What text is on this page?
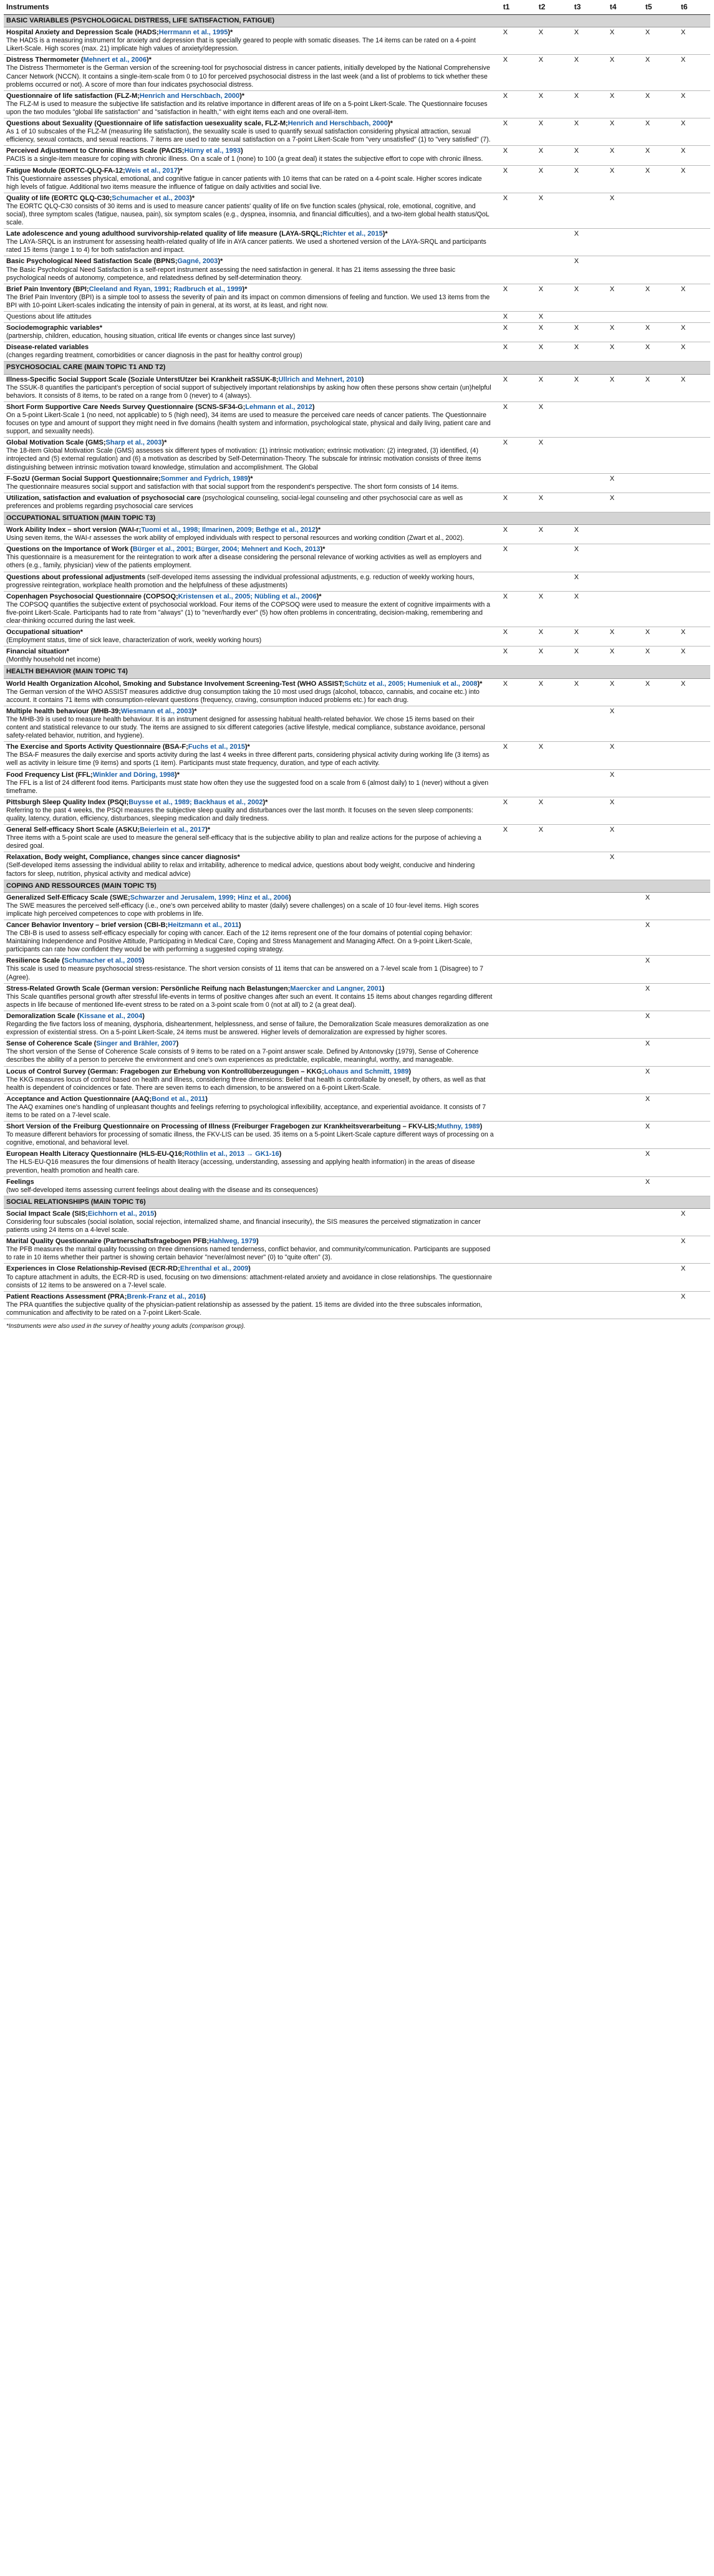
Instruments	t1	t2	t3	t4	t5	t6
BASIC VARIABLES (PSYCHOLOGICAL DISTRESS, LIFE SATISFACTION, FATIGUE)						
Hospital Anxiety and Depression Scale (HADS;Herrmann et al., 1995)*
The HADS is a measuring instrument for anxiety and depression that is specially geared to people with somatic diseases. The 14 items can be rated on a 4-point Likert-Scale. High scores (max. 21) implicate high values of anxiety/depression.	X	X	X	X	X	X
Distress Thermometer (Mehnert et al., 2006)*
The Distress Thermometer is the German version of the screening-tool for psychosocial distress in cancer patients, initially developed by the National Comprehensive Cancer Network (NCCN). It contains a single-item-scale from 0 to 10 for perceived psychosocial distress in the last week (and a list of problems to tick whether these problems occurred or not). A score of more than four indicates psychosocial distress.	X	X	X	X	X	X
Questionnaire of life satisfaction (FLZ-M;Henrich and Herschbach, 2000)*
The FLZ-M is used to measure the subjective life satisfaction and its relative importance in different areas of life on a 5-point Likert-Scale. The Questionnaire focuses upon the two modules "global life satisfaction" and "satisfaction in health," with eight items each and one overall-item.	X	X	X	X	X	X
Questions about Sexuality (Questionnaire of life satisfaction uesexuality scale, FLZ-M;Henrich and Herschbach, 2000)*
As 1 of 10 subscales of the FLZ-M (measuring life satisfaction), the sexuality scale is used to quantify sexual satisfaction considering physical attraction, sexual efficiency, sexual contacts, and sexual reactions. 7 items are used to rate sexual satisfaction on a 7-point Likert-Scale from "very unsatisfied" (1) to "very satisfied" (7).	X	X	X	X	X	X
Perceived Adjustment to Chronic Illness Scale (PACIS;Hürny et al., 1993)
PACIS is a single-item measure for coping with chronic illness. On a scale of 1 (none) to 100 (a great deal) it states the subjective effort to cope with chronic illness.	X	X	X	X	X	X
Fatigue Module (EORTC-QLQ-FA-12;Weis et al., 2017)*
This Questionnaire assesses physical, emotional, and cognitive fatigue in cancer patients with 10 items that can be rated on a 4-point scale. Higher scores indicate high levels of fatigue. Additional two items measure the influence of fatigue on daily activities and social live.	X	X	X	X	X	X
Quality of life (EORTC QLQ-C30;Schumacher et al., 2003)*
The EORTC QLQ-C30 consists of 30 items and is used to measure cancer patients' quality of life on five function scales (physical, role, emotional, cognitive, and social), three symptom scales (fatigue, nausea, pain), six symptom scales (e.g., dyspnea, insomnia, and financial difficulties), and a two-item global health status/QoL scale.	X	X		X		
Late adolescence and young adulthood survivorship-related quality of life measure (LAYA-SRQL;Richter et al., 2015)*
The LAYA-SRQL is an instrument for assessing health-related quality of life in AYA cancer patients. We used a shortened version of the LAYA-SRQL and participants rated 15 items (range 1 to 4) for both satisfaction and impact.			X			
Basic Psychological Need Satisfaction Scale (BPNS;Gagné, 2003)*
The Basic Psychological Need Satisfaction is a self-report instrument assessing the need satisfaction in general. It has 21 items assessing the three basic psychological needs of autonomy, competence, and relatedness defined by self-determination theory.			X			
Brief Pain Inventory (BPI;Cleeland and Ryan, 1991; Radbruch et al., 1999)*
The Brief Pain Inventory (BPI) is a simple tool to assess the severity of pain and its impact on common dimensions of feeling and function. We used 13 items from the BPI with 10-point Likert-scales indicating the intensity of pain in general, at its worst, at its least, and right now.	X	X	X	X	X	X
Questions about life attitudes	X	X				
Sociodemographic variables*
(partnership, children, education, housing situation, critical life events or changes since last survey)	X	X	X	X	X	X
Disease-related variables
(changes regarding treatment, comorbidities or cancer diagnosis in the past for healthy control group)	X	X	X	X	X	X
PSYCHOSOCIAL CARE (MAIN TOPIC T1 AND T2)						
Illness-Specific Social Support Scale (Soziale UnterstUtzer bei Krankheit raSSUK-8;Ullrich and Mehnert, 2010)
The SSUK-8 quantifies the participant's perception of social support of subjectively important relationships by asking how often these persons show certain (un)helpful behaviors. It consists of 8 items, to be rated on a range from 0 (never) to 4 (always).	X	X	X	X	X	X
Short Form Supportive Care Needs Survey Questionnaire (SCNS-SF34-G;Lehmann et al., 2012)
On a 5-point Likert-Scale 1 (no need, not applicable) to 5 (high need), 34 items are used to measure the perceived care needs of cancer patients. The Questionnaire focuses on type and amount of support they might need in five domains (health system and information, psychological state, physical and daily living, patient care and support, and sexuality needs).	X	X				
Global Motivation Scale (GMS;Sharp et al., 2003)*
The 18-item Global Motivation Scale (GMS) assesses six different types of motivation: (1) intrinsic motivation; extrinsic motivation: (2) integrated, (3) identified, (4) introjected and (5) external regulation) and (6) a motivation as described by Self-Determination-Theory. The subscale for intrinsic motivation consists of three items distinguishing between intrinsic motivation toward knowledge, stimulation and accomplishment. The Global	X	X				
F-SozU (German Social Support Questionnaire;Sommer and Fydrich, 1989)*
The questionnaire measures social support and satisfaction with that social support from the respondent's perspective. The short form consists of 14 items.				X		
Utilization, satisfaction and evaluation of psychosocial care (psychological counseling, social-legal counseling and other psychosocial care as well as preferences and problems regarding psychosocial care services	X	X		X		
OCCUPATIONAL SITUATION (MAIN TOPIC T3)						
Work Ability Index – short version (WAI-r;Tuomi et al., 1998; Ilmarinen, 2009; Bethge et al., 2012)*
Using seven items, the WAI-r assesses the work ability of employed individuals with respect to personal resources and working condition (Zwart et al., 2002).	X	X	X			
Questions on the Importance of Work (Bürger et al., 2001; Bürger, 2004; Mehnert and Koch, 2013)*
This questionnaire is a measurement for the reintegration to work after a disease considering the personal relevance of working activities as well as employers and others (e.g., family, physician) view of the patients employment.	X		X			
Questions about professional adjustments (self-developed items assessing the individual professional adjustments, e.g. reduction of weekly working hours, progressive reintegration, workplace health promotion and the helpfulness of these adjustments)			X			
Copenhagen Psychosocial Questionnaire (COPSOQ;Kristensen et al., 2005; Nübling et al., 2006)*
The COPSOQ quantifies the subjective extent of psychosocial workload. Four items of the COPSOQ were used to measure the extent of cognitive impairments with a five-point Likert-Scale. Participants had to rate from "always" (1) to "never/hardly ever" (5) how often problems in concentrating, decision-making, remembering and clear-thinking occurred during the last week.	X	X	X			
Occupational situation*
(Employment status, time of sick leave, characterization of work, weekly working hours)	X	X	X	X	X	X
Financial situation*
(Monthly household net income)	X	X	X	X	X	X
HEALTH BEHAVIOR (MAIN TOPIC T4)						
World Health Organization Alcohol, Smoking and Substance Involvement Screening-Test (WHO ASSIST;Schütz et al., 2005; Humeniuk et al., 2008)*
The German version of the WHO ASSIST measures addictive drug consumption taking the 10 most used drugs (alcohol, tobacco, cannabis, and cocaine etc.) into account. It contains 71 items with consumption-relevant questions (frequency, craving, consumption induced problems etc.) for each drug.	X	X	X	X	X	X
Multiple health behaviour (MHB-39;Wiesmann et al., 2003)*
The MHB-39 is used to measure health behaviour. It is an instrument designed for assessing habitual health-related behavior. We chose 15 items based on their content and statistical relevance to our study. The items are assigned to six different categories (active lifestyle, medical compliance, substance avoidance, personal safety-related behavior, nutrition, and hygiene).				X		
The Exercise and Sports Activity Questionnaire (BSA-F;Fuchs et al., 2015)*
The BSA-F measures the daily exercise and sports activity during the last 4 weeks in three different parts, considering physical activity during working life (3 items) as well as activity in leisure time (9 items) and sports (1 item). Participants must state frequency, duration, and type of each activity.	X	X		X		
Food Frequency List (FFL;Winkler and Döring, 1998)*
The FFL is a list of 24 different food items. Participants must state how often they use the suggested food on a scale from 6 (almost daily) to 1 (never) without a given timeframe.				X		
Pittsburgh Sleep Quality Index (PSQI;Buysse et al., 1989; Backhaus et al., 2002)*
Referring to the past 4 weeks, the PSQI measures the subjective sleep quality and disturbances over the last month. It focuses on the seven sleep components: quality, latency, duration, efficiency, disturbances, sleeping medication and daily tiredness.	X	X		X		
General Self-efficacy Short Scale (ASKU;Beierlein et al., 2017)*
Three items with a 5-point scale are used to measure the general self-efficacy that is the subjective ability to plan and realize actions for the purpose of achieving a desired goal.	X	X		X		
Relaxation, Body weight, Compliance, changes since cancer diagnosis*
(Self-developed items assessing the individual ability to relax and irritability, adherence to medical advice, questions about body weight, conducive and hindering factors for sleep, nutrition, physical activity and medical advice)				X		
COPING AND RESSOURCES (MAIN TOPIC T5)						
Generalized Self-Efficacy Scale (SWE;Schwarzer and Jerusalem, 1999; Hinz et al., 2006)
The SWE measures the perceived self-efficacy (i.e., one's own perceived ability to master (daily) severe challenges) on a scale of 10 four-level items. High scores implicate high perceived competences to cope with problems in life.					X	
Cancer Behavior Inventory – brief version (CBI-B;Heitzmann et al., 2011)
The CBI-B is used to assess self-efficacy especially for coping with cancer. Each of the 12 items represent one of the four domains of potential coping behavior: Maintaining Independence and Positive Attitude, Participating in Medical Care, Coping and Stress Management and Managing Affect. On a 9-point Likert-Scale, participants can rate how confident they would be with performing a suggested coping strategy.					X	
Resilience Scale (Schumacher et al., 2005)
This scale is used to measure psychosocial stress-resistance. The short version consists of 11 items that can be answered on a 7-level scale from 1 (Disagree) to 7 (Agree).					X	
Stress-Related Growth Scale (German version: Persönliche Reifung nach Belastungen;Maercker and Langner, 2001)
This Scale quantifies personal growth after stressful life-events in terms of positive changes after such an event. It contains 15 items about changes regarding different aspects in life because of mentioned life-event stress to be rated on a 3-point scale from 0 (not at all) to 2 (a great deal).					X	
Demoralization Scale (Kissane et al., 2004)
Regarding the five factors loss of meaning, dysphoria, disheartenment, helplessness, and sense of failure, the Demoralization Scale measures demoralization as one expression of existential stress. On a 5-point Likert-Scale, 24 items must be answered. Higher levels of demoralization are expressed by higher scores.					X	
Sense of Coherence Scale (Singer and Brähler, 2007)
The short version of the Sense of Coherence Scale consists of 9 items to be rated on a 7-point answer scale. Defined by Antonovsky (1979), Sense of Coherence describes the ability of a person to perceive the environment and one's own experiences as predictable, explicable, meaningful, worthy, and manageable.					X	
Locus of Control Survey (German: Fragebogen zur Erhebung von Kontrollüberzeugungen – KKG;Lohaus and Schmitt, 1989)
The KKG measures locus of control based on health and illness, considering three dimensions: Belief that health is controllable by oneself, by others, as well as that health is dependent of coincidences or fate. There are seven items to each dimension, to be answered on a 6-point Likert-Scale.					X	
Acceptance and Action Questionnaire (AAQ;Bond et al., 2011)
The AAQ examines one's handling of unpleasant thoughts and feelings referring to psychological inflexibility, acceptance, and experiential avoidance. It consists of 7 items to be rated on a 7-level scale.					X	
Short Version of the Freiburg Questionnaire on Processing of Illness (Freiburger Fragebogen zur Krankheitsverarbeitung – FKV-LIS;Muthny, 1989)
To measure different behaviors for processing of somatic illness, the FKV-LIS can be used. 35 items on a 5-point Likert-Scale capture different ways of processing on a cognitive, emotional, and behavioral level.					X	
European Health Literacy Questionnaire (HLS-EU-Q16;Röthlin et al., 2013 → GK1-16)
The HLS-EU-Q16 measures the four dimensions of health literacy (accessing, understanding, assessing and applying health information) in the areas of disease prevention, health promotion and health care.					X	
Feelings
(two self-developed items assessing current feelings about dealing with the disease and its consequences)					X	
SOCIAL RELATIONSHIPS (MAIN TOPIC T6)						
Social Impact Scale (SIS;Eichhorn et al., 2015)
Considering four subscales (social isolation, social rejection, internalized shame, and financial insecurity), the SIS measures the perceived stigmatization in cancer patients using 24 items on a 4-level scale.						X
Marital Quality Questionnaire (Partnerschaftsfragebogen PFB;Hahlweg, 1979)
The PFB measures the marital quality focussing on three dimensions named tenderness, conflict behavior, and community/communication. Participants are supposed to rate in 10 items whether their partner is showing certain behavior "never/almost never" (0) to "quite often" (3).						X
Experiences in Close Relationship-Revised (ECR-RD;Ehrenthal et al., 2009)
To capture attachment in adults, the ECR-RD is used, focusing on two dimensions: attachment-related anxiety and avoidance in close relationships. The questionnaire consists of 12 items to be answered on a 7-level scale.						X
Patient Reactions Assessment (PRA;Brenk-Franz et al., 2016)
The PRA quantifies the subjective quality of the physician-patient relationship as assessed by the patient. 15 items are divided into the three subscales information, communication and affectivity to be rated on a 7-point Likert-Scale.						X
*Instruments were also used in the survey of healthy young adults (comparison group).
